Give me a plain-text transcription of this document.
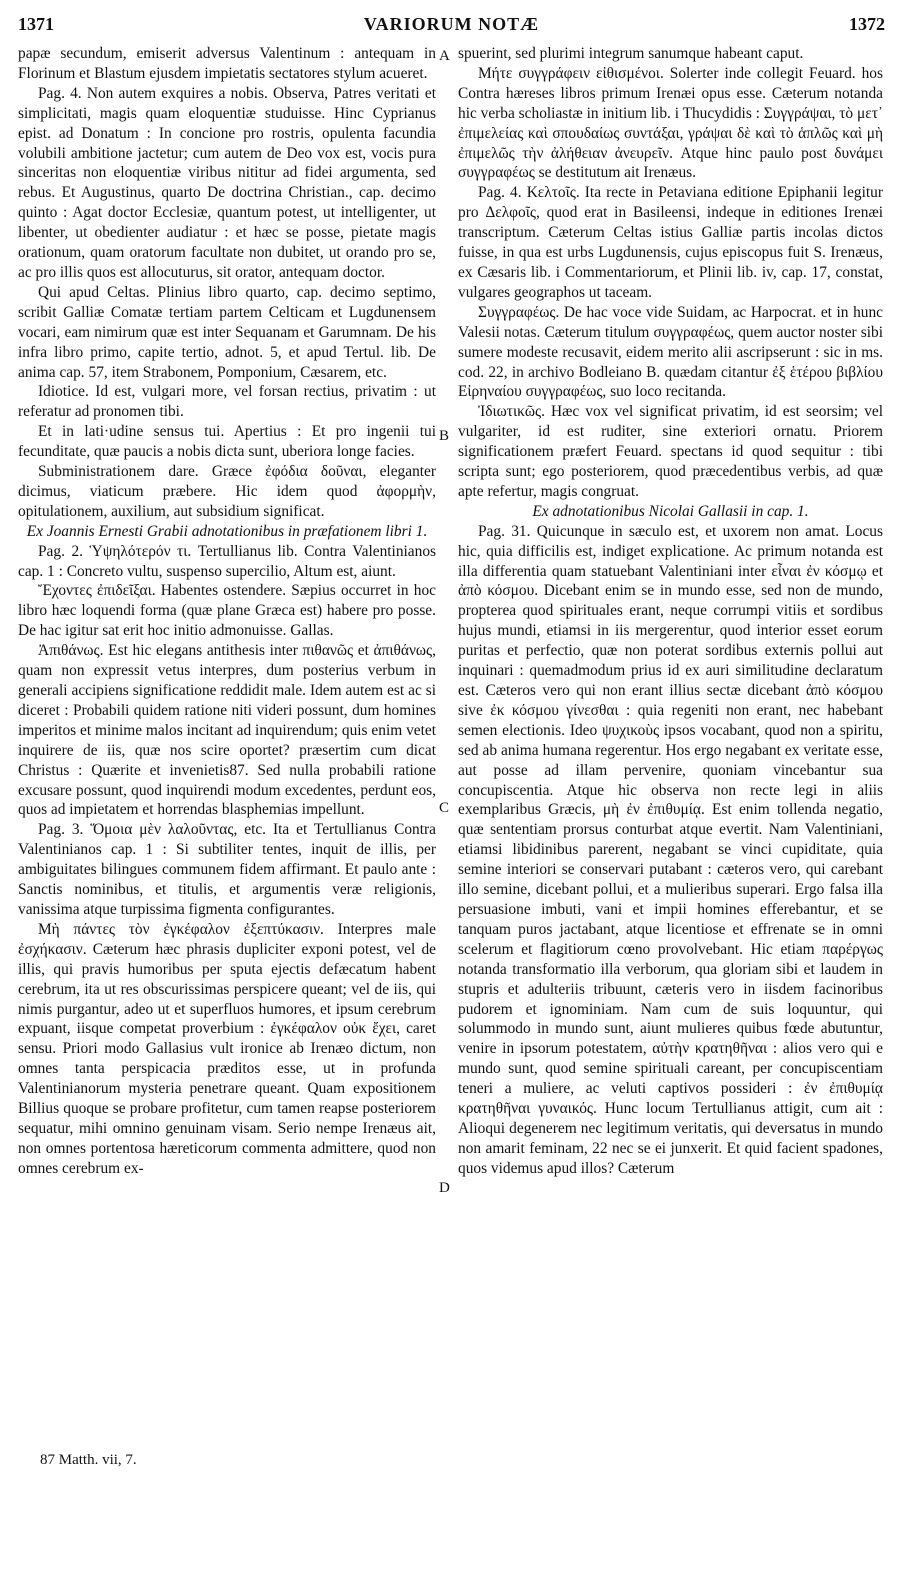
1371	VARIORUM NOTÆ	1372
A
B
C
D

papæ secundum, emiserit adversus Valentinum : antequam in Florinum et Blastum ejusdem impietatis sectatores stylum acueret.

Pag. 4. Non autem exquires a nobis. Observa, Patres veritati et simplicitati, magis quam eloquentiæ studuisse. Hinc Cyprianus epist. ad Donatum : In concione pro rostris, opulenta facundia volubili ambitione jactetur; cum autem de Deo vox est, vocis pura sinceritas non eloquentiæ viribus nititur ad fidei argumenta, sed rebus. Et Augustinus, quarto De doctrina Christian., cap. decimo quinto : Agat doctor Ecclesiæ, quantum potest, ut intelligenter, ut libenter, ut obedienter audiatur : et hæc se posse, pietate magis orationum, quam oratorum facultate non dubitet, ut orando pro se, ac pro illis quos est allocuturus, sit orator, antequam doctor.

Qui apud Celtas. Plinius libro quarto, cap. decimo septimo, scribit Galliæ Comatæ tertiam partem Celticam et Lugdunensem vocari, eam nimirum quæ est inter Sequanam et Garumnam. De his infra libro primo, capite tertio, adnot. 5, et apud Tertul. lib. De anima cap. 57, item Strabonem, Pomponium, Cæsarem, etc.

Idiotice. Id est, vulgari more, vel forsan rectius, privatim : ut referatur ad pronomen tibi.

Et in lati·udine sensus tui. Apertius : Et pro ingenii tui fecunditate, quæ paucis a nobis dicta sunt, uberiora longe facies.

Subministrationem dare. Græce ἐφόδια δοῦναι, eleganter dicimus, viaticum præbere. Hic idem quod ἀφορμὴν, opitulationem, auxilium, aut subsidium significat.

Ex Joannis Ernesti Grabii adnotationibus in præfationem libri 1.

Pag. 2. Ὑψηλότερόν τι. Tertullianus lib. Contra Valentinianos cap. 1 : Concreto vultu, suspenso supercilio, Altum est, aiunt.

Ἔχοντες ἐπιδεῖξαι. Habentes ostendere. Sæpius occurret in hoc libro hæc loquendi forma (quæ plane Græca est) habere pro posse. De hac igitur sat erit hoc initio admonuisse. Gallas.

Ἀπιθάνως. Est hic elegans antithesis inter πιθανῶς et ἀπιθάνως, quam non expressit vetus interpres, dum posterius verbum in generali accipiens significatione reddidit male. Idem autem est ac si diceret : Probabili quidem ratione niti videri possunt, dum homines imperitos et minime malos incitant ad inquirendum; quis enim vetet inquirere de iis, quæ nos scire oportet? præsertim cum dicat Christus : Quærite et invenietis87. Sed nulla probabili ratione excusare possunt, quod inquirendi modum excedentes, perdunt eos, quos ad impietatem et horrendas blasphemias impellunt.

Pag. 3. Ὅμοια μὲν λαλοῦντας, etc. Ita et Tertullianus Contra Valentinianos cap. 1 : Si subtiliter tentes, inquit de illis, per ambiguitates bilingues communem fidem affirmant. Et paulo ante : Sanctis nominibus, et titulis, et argumentis veræ religionis, vanissima atque turpissima figmenta configurantes.

Μὴ πάντες τὸν ἐγκέφαλον ἐξεπτύκασιν. Interpres male ἐσχήκασιν. Cæterum hæc phrasis dupliciter exponi potest, vel de illis, qui pravis humoribus per sputa ejectis defæcatum habent cerebrum, ita ut res obscurissimas perspicere queant; vel de iis, qui nimis purgantur, adeo ut et superfluos humores, et ipsum cerebrum expuant, iisque competat proverbium : ἐγκέφαλον οὐκ ἔχει, caret sensu. Priori modo Gallasius vult ironice ab Irenæo dictum, non omnes tanta perspicacia præditos esse, ut in profunda Valentinianorum mysteria penetrare queant. Quam expositionem Billius quoque se probare profitetur, cum tamen reapse posteriorem sequatur, mihi omnino genuinam visam. Serio nempe Irenæus ait, non omnes portentosa hæreticorum commenta admittere, quod non omnes cerebrum ex-

spuerint, sed plurimi integrum sanumque habeant caput.

Μήτε συγγράφειν εἰθισμένοι. Solerter inde collegit Feuard. hos Contra hæreses libros primum Irenæi opus esse. Cæterum notanda hic verba scholiastæ in initium lib. i Thucydidis : Συγγράψαι, τὸ μετ᾽ ἐπιμελείας καὶ σπουδαίως συντάξαι, γράψαι δὲ καὶ τὸ ἁπλῶς καὶ μὴ ἐπιμελῶς τὴν ἀλήθειαν ἀνευρεῖν. Atque hinc paulo post δυνάμει συγγραφέως se destitutum ait Irenæus.

Pag. 4. Κελτοῖς. Ita recte in Petaviana editione Epiphanii legitur pro Δελφοῖς, quod erat in Basileensi, indeque in editiones Irenæi transcriptum. Cæterum Celtas istius Galliæ partis incolas dictos fuisse, in qua est urbs Lugdunensis, cujus episcopus fuit S. Irenæus, ex Cæsaris lib. i Commentariorum, et Plinii lib. iv, cap. 17, constat, vulgares geographos ut taceam.

Συγγραφέως. De hac voce vide Suidam, ac Harpocrat. et in hunc Valesii notas. Cæterum titulum συγγραφέως, quem auctor noster sibi sumere modeste recusavit, eidem merito alii ascripserunt : sic in ms. cod. 22, in archivo Bodleiano B. quædam citantur ἐξ ἑτέρου βιβλίου Εἰρηναίου συγγραφέως, suo loco recitanda.

Ἰδιωτικῶς. Hæc vox vel significat privatim, id est seorsim; vel vulgariter, id est ruditer, sine exteriori ornatu. Priorem significationem præfert Feuard. spectans id quod sequitur : tibi scripta sunt; ego posteriorem, quod præcedentibus verbis, ad quæ apte refertur, magis congruat.

Ex adnotationibus Nicolai Gallasii in cap. 1.

Pag. 31. Quicunque in sæculo est, et uxorem non amat. Locus hic, quia difficilis est, indiget explicatione. Ac primum notanda est illa differentia quam statuebant Valentiniani inter εἶναι ἐν κόσμῳ et ἀπὸ κόσμου. Dicebant enim se in mundo esse, sed non de mundo, propterea quod spirituales erant, neque corrumpi vitiis et sordibus hujus mundi, etiamsi in iis mergerentur, quod interior esset eorum puritas et perfectio, quæ non poterat sordibus externis pollui aut inquinari : quemadmodum prius id ex auri similitudine declaratum est. Cæteros vero qui non erant illius sectæ dicebant ἀπὸ κόσμου sive ἐκ κόσμου γίνεσθαι : quia regeniti non erant, nec habebant semen electionis. Ideo ψυχικοὺς ipsos vocabant, quod non a spiritu, sed ab anima humana regerentur. Hos ergo negabant ex veritate esse, aut posse ad illam pervenire, quoniam vincebantur sua concupiscentia. Atque hic observa non recte legi in aliis exemplaribus Græcis, μὴ ἐν ἐπιθυμίᾳ. Est enim tollenda negatio, quæ sententiam prorsus conturbat atque evertit. Nam Valentiniani, etiamsi libidinibus parerent, negabant se vinci cupiditate, quia semine interiori se conservari putabant : cæteros vero, qui carebant illo semine, dicebant pollui, et a mulieribus superari. Ergo falsa illa persuasione imbuti, vani et impii homines efferebantur, et se tanquam puros jactabant, atque licentiose et effrenate se in omni scelerum et flagitiorum cœno provolvebant. Hic etiam παρέργως notanda transformatio illa verborum, qua gloriam sibi et laudem in stupris et adulteriis tribuunt, cæteris vero in iisdem facinoribus pudorem et ignominiam. Nam cum de suis loquuntur, qui solummodo in mundo sunt, aiunt mulieres quibus fœde abutuntur, venire in ipsorum potestatem, αὐτὴν κρατηθῆναι : alios vero qui e mundo sunt, quod semine spirituali careant, per concupiscentiam teneri a muliere, ac veluti captivos possideri : ἐν ἐπιθυμίᾳ κρατηθῆναι γυναικός. Hunc locum Tertullianus attigit, cum ait : Alioqui degenerem nec legitimum veritatis, qui deversatus in mundo non amarit feminam, 22 nec se ei junxerit. Et quid facient spadones, quos videmus apud illos? Cæterum

87 Matth. vii, 7.
